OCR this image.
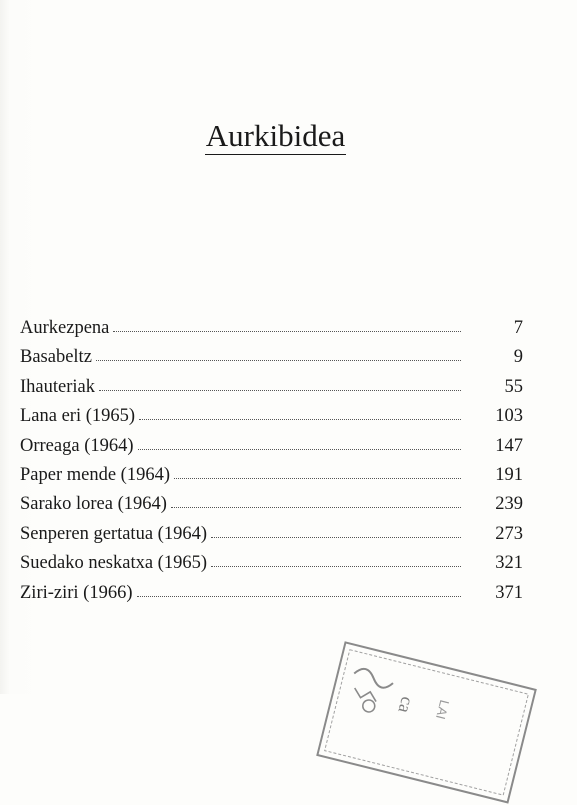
Aurkibidea
Aurkezpena	7
Basabeltz	9
Ihauteriak	55
Lana eri (1965)	103
Orreaga (1964)	147
Paper mende (1964)	191
Sarako lorea (1964)	239
Senperen gertatua (1964)	273
Suedako neskatxa (1965)	321
Ziri-ziri (1966)	371
ca LAI
